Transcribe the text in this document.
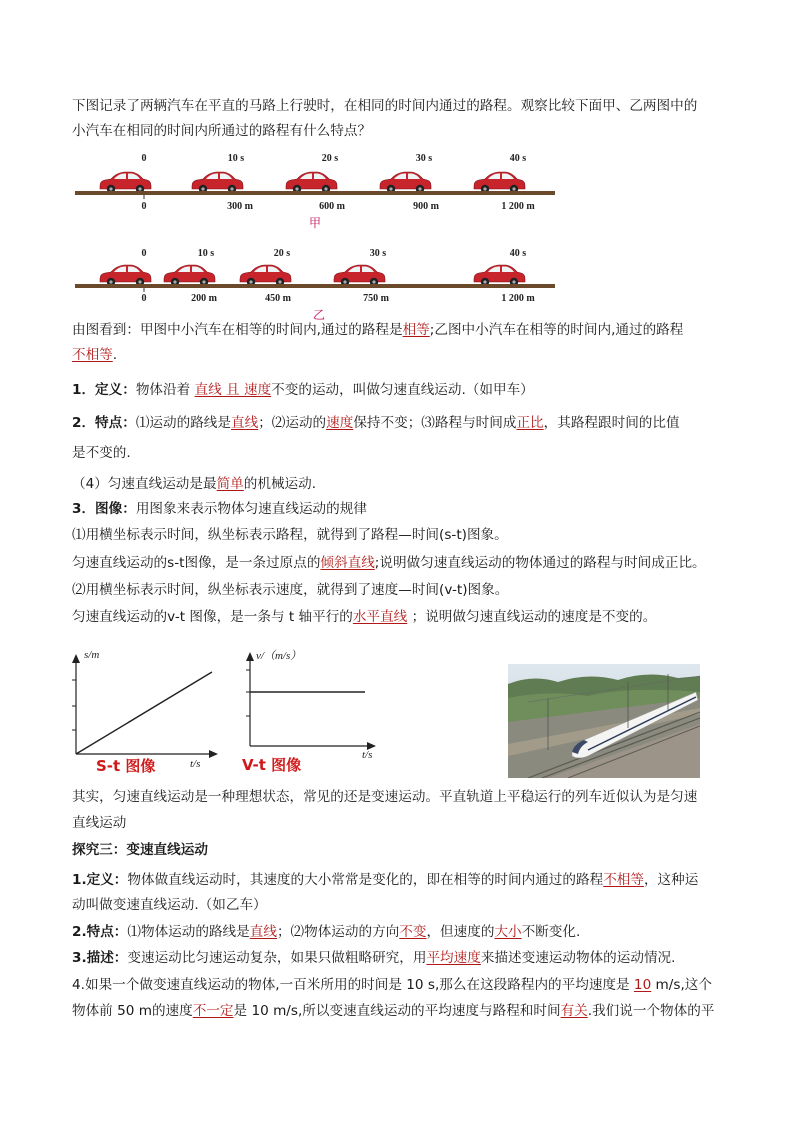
下图记录了两辆汽车在平直的马路上行驶时，在相同的时间内通过的路程。观察比较下面甲、乙两图中的
小汽车在相同的时间内所通过的路程有什么特点？
0	10 s	20 s	30 s	40 s
0	300 m	600 m	900 m	1 200 m
甲
0	10 s	20 s	30 s	40 s
0	200 m	450 m	750 m	1 200 m
乙
由图看到：甲图中小汽车在相等的时间内,通过的路程是相等;乙图中小汽车在相等的时间内,通过的路程
不相等.
1．定义：物体沿着 直线 且 速度不变的运动，叫做匀速直线运动.（如甲车）
2．特点：⑴运动的路线是直线；⑵运动的速度保持不变；⑶路程与时间成正比，其路程跟时间的比值
是不变的.
（4）匀速直线运动是最简单的机械运动.
3．图像：用图象来表示物体匀速直线运动的规律
⑴用横坐标表示时间，纵坐标表示路程，就得到了路程—时间(s-t)图象。
匀速直线运动的s-t图像，是一条过原点的倾斜直线;说明做匀速直线运动的物体通过的路程与时间成正比。
⑵用横坐标表示时间，纵坐标表示速度，就得到了速度—时间(v-t)图象。
匀速直线运动的v-t 图像，是一条与 t 轴平行的水平直线 ；说明做匀速直线运动的速度是不变的。
s/m
t/s
S-t 图像
v/（m/s）
t/s
V-t 图像
其实，匀速直线运动是一种理想状态，常见的还是变速运动。平直轨道上平稳运行的列车近似认为是匀速
直线运动
探究三：变速直线运动
1.定义：物体做直线运动时，其速度的大小常常是变化的，即在相等的时间内通过的路程不相等，这种运
动叫做变速直线运动.（如乙车）
2.特点：⑴物体运动的路线是直线；⑵物体运动的方向不变，但速度的大小不断变化.
3.描述：变速运动比匀速运动复杂，如果只做粗略研究，用平均速度来描述变速运动物体的运动情况.
4.如果一个做变速直线运动的物体,一百米所用的时间是 10 s,那么在这段路程内的平均速度是 10 m/s,这个
物体前 50 m的速度不一定是 10 m/s,所以变速直线运动的平均速度与路程和时间有关.我们说一个物体的平
